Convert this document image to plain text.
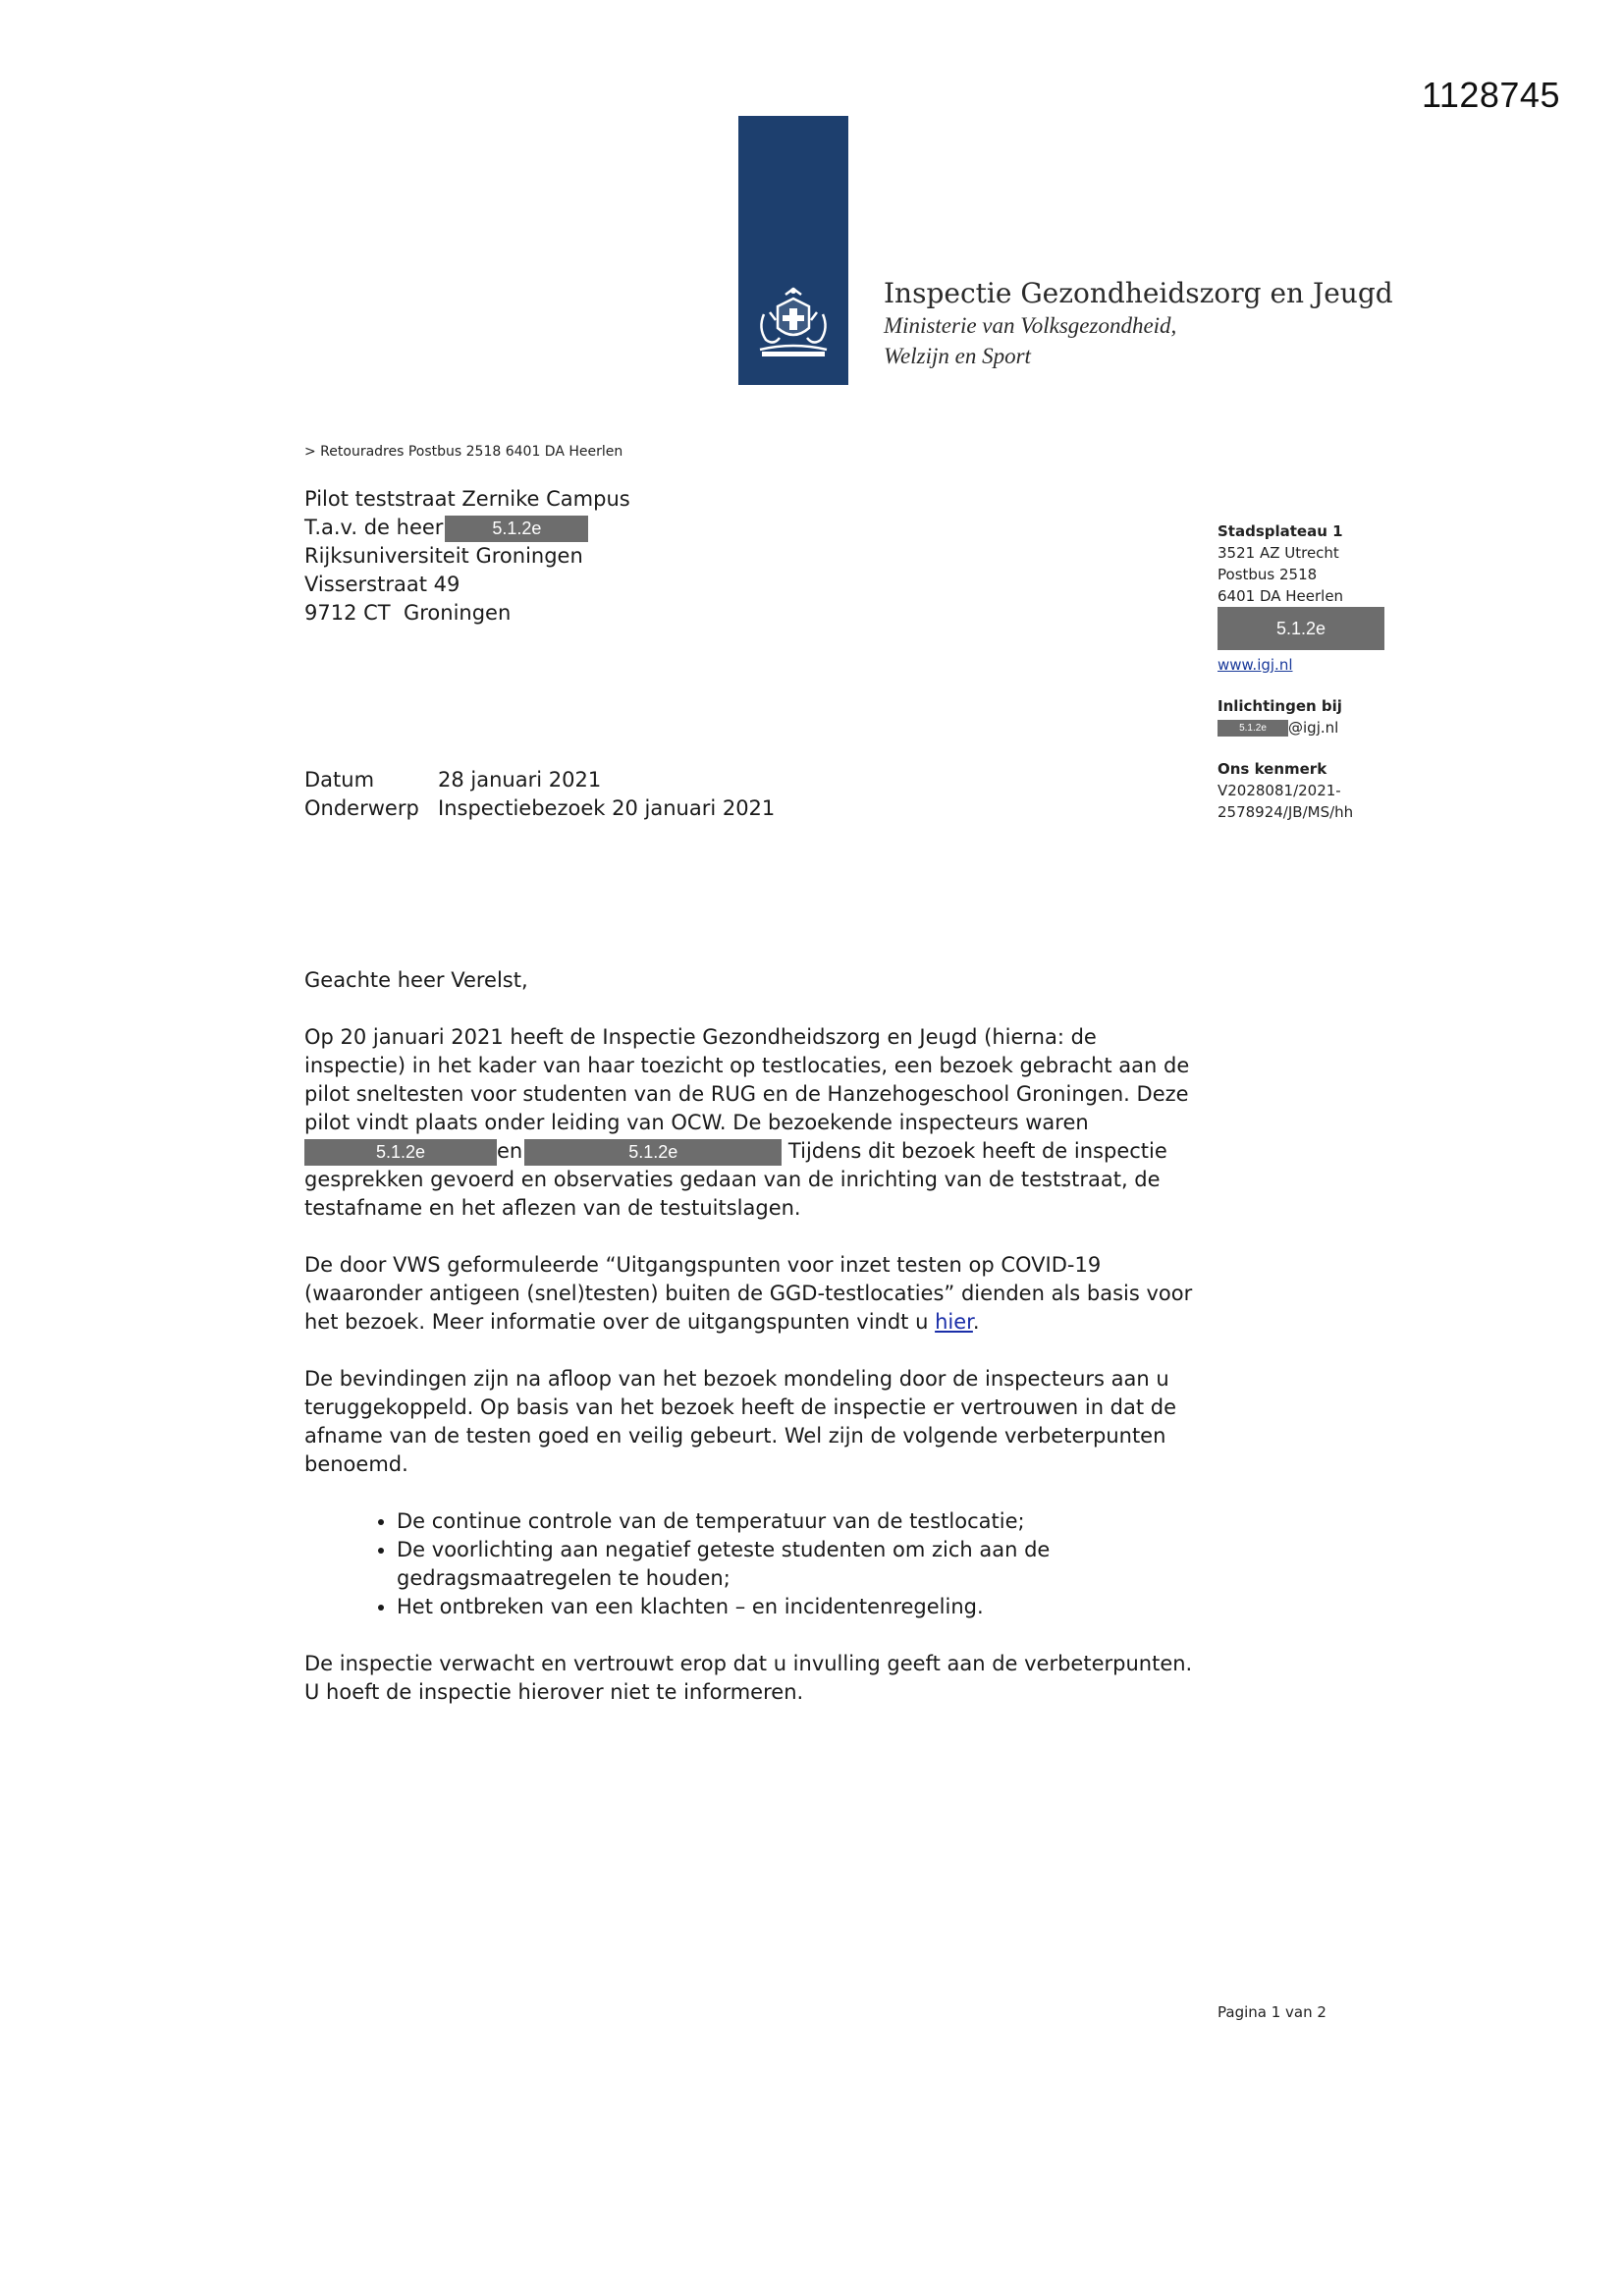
1128745
Inspectie Gezondheidszorg en Jeugd
Ministerie van Volksgezondheid,
Welzijn en Sport
> Retouradres Postbus 2518 6401 DA Heerlen
Pilot teststraat Zernike Campus
T.a.v. de heer	5.1.2e
Rijksuniversiteit Groningen
Visserstraat 49
9712 CT  Groningen
Stadsplateau 1
3521 AZ Utrecht
Postbus 2518
6401 DA Heerlen
5.1.2e
www.igj.nl
Inlichtingen bij
5.1.2e @igj.nl
Ons kenmerk
V2028081/2021-
2578924/JB/MS/hh
Datum	28 januari 2021
Onderwerp Inspectiebezoek 20 januari 2021

Geachte heer Verelst,

Op 20 januari 2021 heeft de Inspectie Gezondheidszorg en Jeugd (hierna: de inspectie) in het kader van haar toezicht op testlocaties, een bezoek gebracht aan de pilot sneltesten voor studenten van de RUG en de Hanzehogeschool Groningen. Deze pilot vindt plaats onder leiding van OCW. De bezoekende inspecteurs waren
5.1.2e	en	5.1.2e	Tijdens dit bezoek heeft de inspectie gesprekken gevoerd en observaties gedaan van de inrichting van de teststraat, de testafname en het aflezen van de testuitslagen.

De door VWS geformuleerde “Uitgangspunten voor inzet testen op COVID-19 (waaronder antigeen (snel)testen) buiten de GGD-testlocaties” dienden als basis voor het bezoek. Meer informatie over de uitgangspunten vindt u hier.

De bevindingen zijn na afloop van het bezoek mondeling door de inspecteurs aan u teruggekoppeld. Op basis van het bezoek heeft de inspectie er vertrouwen in dat de afname van de testen goed en veilig gebeurt. Wel zijn de volgende verbeterpunten benoemd.

• De continue controle van de temperatuur van de testlocatie;
• De voorlichting aan negatief geteste studenten om zich aan de gedragsmaatregelen te houden;
• Het ontbreken van een klachten – en incidentenregeling.

De inspectie verwacht en vertrouwt erop dat u invulling geeft aan de verbeterpunten. U hoeft de inspectie hierover niet te informeren.

Pagina 1 van 2
